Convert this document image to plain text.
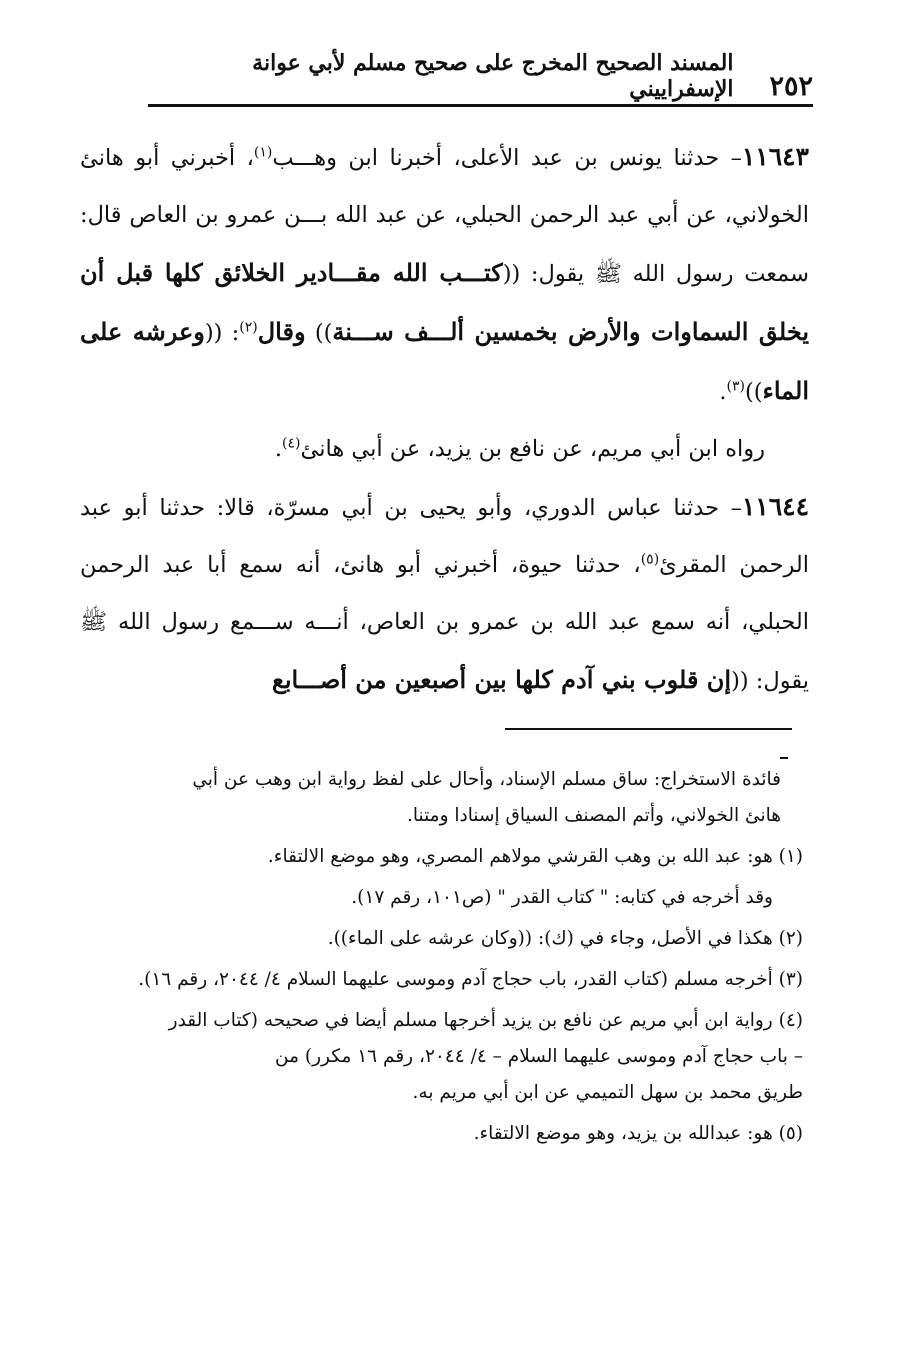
٢٥٢
المسند الصحيح المخرج على صحيح مسلم لأبي عوانة الإسفراييني

١١٦٤٣– حدثنا يونس بن عبد الأعلى، أخبرنا ابن وهـــب$^{(١)}$، أخبرني أبو هانئ الخولاني، عن أبي عبد الرحمن الحبلي، عن عبد الله بـــن عمرو بن العاص قال: سمعت رسول الله ﷺ يقول: ((كتـــب الله مقـــادير الخلائق كلها قبل أن يخلق السماوات والأرض بخمسين ألـــف ســـنة)) وقال$^{(٢)}$: ((وعرشه على الماء))$^{(٣)}$.

رواه ابن أبي مريم، عن نافع بن يزيد، عن أبي هانئ$^{(٤)}$.

١١٦٤٤– حدثنا عباس الدوري، وأبو يحيى بن أبي مسرّة، قالا: حدثنا أبو عبد الرحمن المقرئ$^{(٥)}$، حدثنا حيوة، أخبرني أبو هانئ، أنه سمع أبا عبد الرحمن الحبلي، أنه سمع عبد الله بن عمرو بن العاص، أنـــه ســـمع رسول الله ﷺ يقول: ((إن قلوب بني آدم كلها بين أصبعين من أصـــابع

فائدة الاستخراج: ساق مسلم الإسناد، وأحال على لفظ رواية ابن وهب عن أبي
هانئ الخولاني، وأتم المصنف السياق إسنادا ومتنا.

(١) هو: عبد الله بن وهب القرشي مولاهم المصري، وهو موضع الالتقاء.

وقد أخرجه في كتابه: " كتاب القدر " (ص١٠١، رقم ١٧).

(٢) هكذا في الأصل، وجاء في (ك): ((وكان عرشه على الماء)).

(٣) أخرجه مسلم (كتاب القدر، باب حجاج آدم وموسى عليهما السلام ٤/ ٢٠٤٤، رقم ١٦).

(٤) رواية ابن أبي مريم عن نافع بن يزيد أخرجها مسلم أيضا في صحيحه (كتاب القدر
– باب حجاج آدم وموسى عليهما السلام – ٤/ ٢٠٤٤، رقم ١٦ مكرر) من
طريق محمد بن سهل التميمي عن ابن أبي مريم به.

(٥) هو: عبدالله بن يزيد، وهو موضع الالتقاء.
